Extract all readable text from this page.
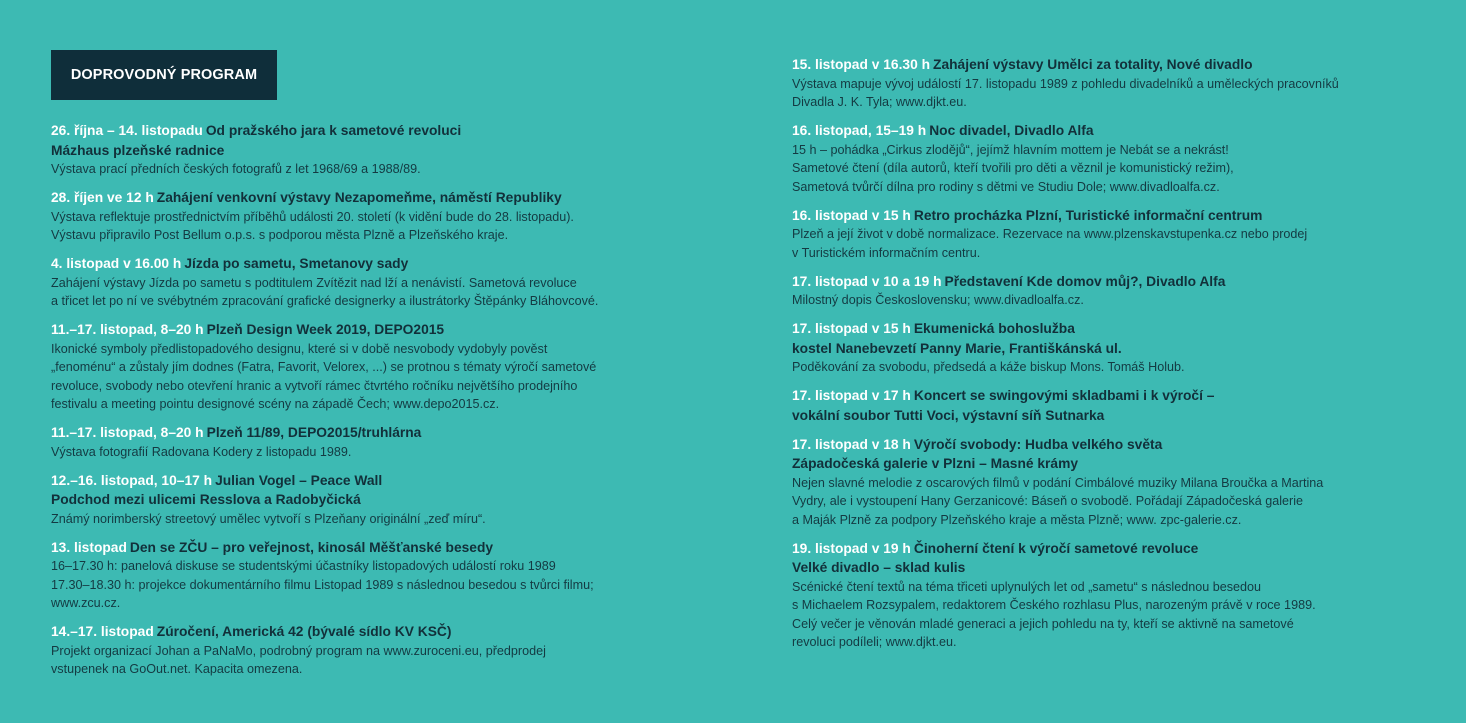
DOPROVODNÝ PROGRAM
26. října – 14. listopadu Od pražského jara k sametové revoluci
Mázhaus plzeňské radnice
Výstava prací předních českých fotografů z let 1968/69 a 1988/89.
28. říjen ve 12 h Zahájení venkovní výstavy Nezapomeňme, náměstí Republiky
Výstava reflektuje prostřednictvím příběhů události 20. století (k vidění bude do 28. listopadu).
Výstavu připravilo Post Bellum o.p.s. s podporou města Plzně a Plzeňského kraje.
4. listopad v 16.00 h Jízda po sametu, Smetanovy sady
Zahájení výstavy Jízda po sametu s podtitulem Zvítězit nad lží a nenávistí. Sametová revoluce
a třicet let po ní ve svébytném zpracování grafické designerky a ilustrátorky Štěpánky Bláhovcové.
11.–17. listopad, 8–20 h Plzeň Design Week 2019, DEPO2015
Ikonické symboly předlistopadového designu, které si v době nesvobody vydobyly pověst
„fenoménu“ a zůstaly jím dodnes (Fatra, Favorit, Velorex, ...) se protnou s tématy výročí sametové
revoluce, svobody nebo otevření hranic a vytvoří rámec čtvrtého ročníku největšího prodejního
festivalu a meeting pointu designové scény na západě Čech; www.depo2015.cz.
11.–17. listopad, 8–20 h Plzeň 11/89, DEPO2015/truhlárna
Výstava fotografií Radovana Kodery z listopadu 1989.
12.–16. listopad, 10–17 h Julian Vogel – Peace Wall
Podchod mezi ulicemi Resslova a Radobyčická
Známý norimberský streetový umělec vytvoří s Plzeňany originální „zeď míru“.
13. listopad Den se ZČU – pro veřejnost, kinosál Měšťanské besedy
16–17.30 h: panelová diskuse se studentskými účastníky listopadových událostí roku 1989
17.30–18.30 h: projekce dokumentárního filmu Listopad 1989 s následnou besedou s tvůrci filmu;
www.zcu.cz.
14.–17. listopad Zúročení, Americká 42 (bývalé sídlo KV KSČ)
Projekt organizací Johan a PaNaMo, podrobný program na www.zuroceni.eu, předprodej
vstupenek na GoOut.net. Kapacita omezena.
15. listopad v 16.30 h Zahájení výstavy Umělci za totality, Nové divadlo
Výstava mapuje vývoj událostí 17. listopadu 1989 z pohledu divadelníků a uměleckých pracovníků
Divadla J. K. Tyla; www.djkt.eu.
16. listopad, 15–19 h Noc divadel, Divadlo Alfa
15 h – pohádka „Cirkus zlodějů“, jejímž hlavním mottem je Nebát se a nekrást!
Sametové čtení (díla autorů, kteří tvořili pro děti a věznil je komunistický režim),
Sametová tvůrčí dílna pro rodiny s dětmi ve Studiu Dole; www.divadloalfa.cz.
16. listopad v 15 h Retro procházka Plzní, Turistické informační centrum
Plzeň a její život v době normalizace. Rezervace na www.plzenskavstupenka.cz nebo prodej
v Turistickém informačním centru.
17. listopad v 10 a 19 h Představení Kde domov můj?, Divadlo Alfa
Milostný dopis Československu; www.divadloalfa.cz.
17. listopad v 15 h Ekumenická bohoslužba
kostel Nanebevzetí Panny Marie, Františkánská ul.
Poděkování za svobodu, předsedá a káže biskup Mons. Tomáš Holub.
17. listopad v 17 h Koncert se swingovými skladbami i k výročí –
vokální soubor Tutti Voci, výstavní síň Sutnarka
17. listopad v 18 h Výročí svobody: Hudba velkého světa
Západočeská galerie v Plzni – Masné krámy
Nejen slavné melodie z oscarových filmů v podání Cimbálové muziky Milana Broučka a Martina
Vydry, ale i vystoupení Hany Gerzanicové: Báseň o svobodě. Pořádají Západočeská galerie
a Maják Plzně za podpory Plzeňského kraje a města Plzně; www. zpc-galerie.cz.
19. listopad v 19 h Činoherní čtení k výročí sametové revoluce
Velké divadlo – sklad kulis
Scénické čtení textů na téma třiceti uplynulých let od „sametu“ s následnou besedou
s Michaelem Rozsypalem, redaktorem Českého rozhlasu Plus, narozeným právě v roce 1989.
Celý večer je věnován mladé generaci a jejich pohledu na ty, kteří se aktivně na sametové
revoluci podíleli; www.djkt.eu.
